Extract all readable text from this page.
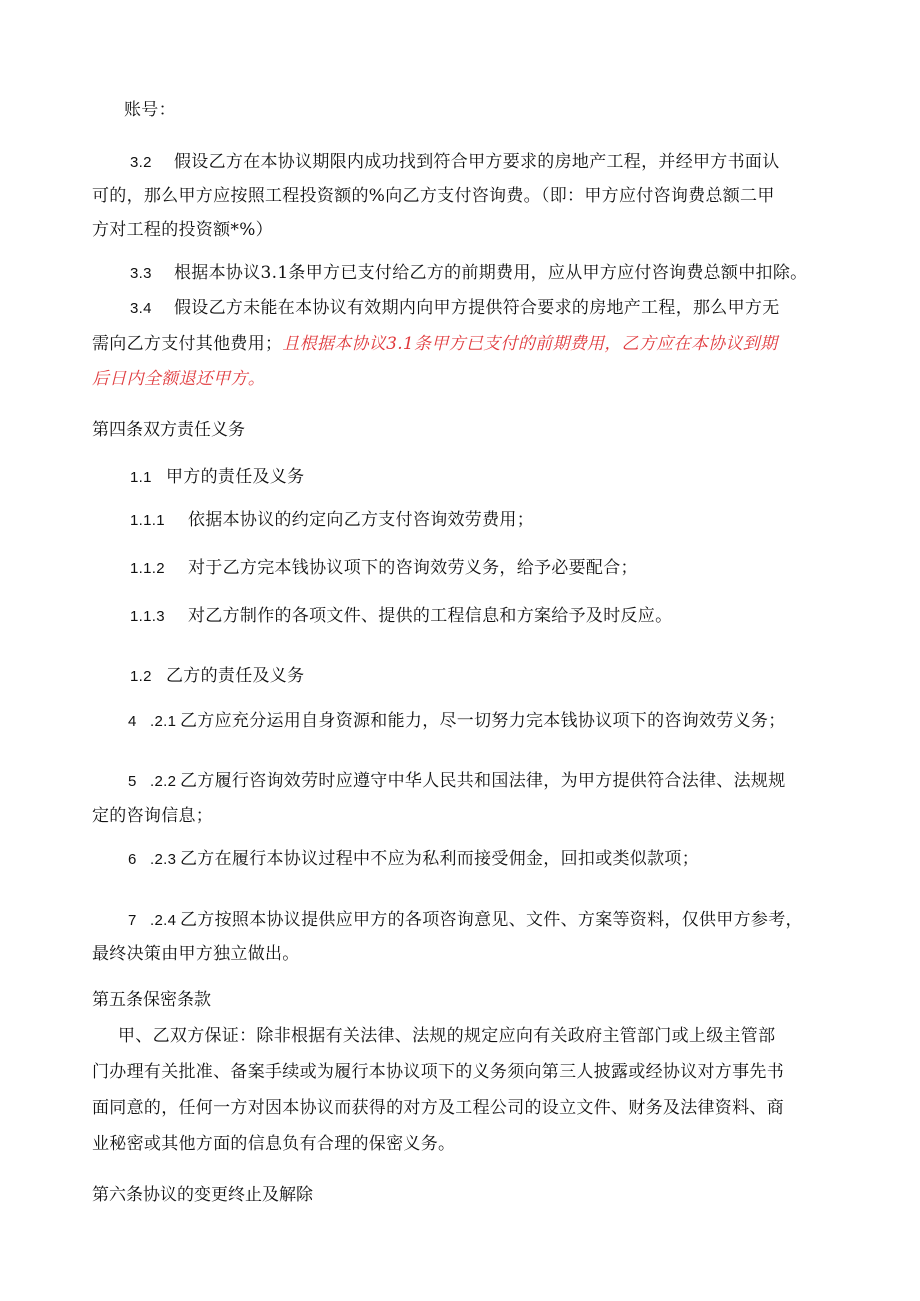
账号：
3.2 假设乙方在本协议期限内成功找到符合甲方要求的房地产工程，并经甲方书面认
可的，那么甲方应按照工程投资额的%向乙方支付咨询费。（即：甲方应付咨询费总额二甲
方对工程的投资额*%）
3.3 根据本协议3.1条甲方已支付给乙方的前期费用，应从甲方应付咨询费总额中扣除。
3.4 假设乙方未能在本协议有效期内向甲方提供符合要求的房地产工程，那么甲方无
需向乙方支付其他费用；且根据本协议3.1条甲方已支付的前期费用，乙方应在本协议到期
后日内全额退还甲方。
第四条双方责任义务
1.1 甲方的责任及义务
1.1.1 依据本协议的约定向乙方支付咨询效劳费用；
1.1.2 对于乙方完本钱协议项下的咨询效劳义务，给予必要配合；
1.1.3 对乙方制作的各项文件、提供的工程信息和方案给予及时反应。
1.2 乙方的责任及义务
4 .2.1 乙方应充分运用自身资源和能力，尽一切努力完本钱协议项下的咨询效劳义务；
5 .2.2 乙方履行咨询效劳时应遵守中华人民共和国法律，为甲方提供符合法律、法规规
定的咨询信息；
6 .2.3 乙方在履行本协议过程中不应为私利而接受佣金，回扣或类似款项；
7 .2.4 乙方按照本协议提供应甲方的各项咨询意见、文件、方案等资料，仅供甲方参考，
最终决策由甲方独立做出。
第五条保密条款
甲、乙双方保证：除非根据有关法律、法规的规定应向有关政府主管部门或上级主管部
门办理有关批准、备案手续或为履行本协议项下的义务须向第三人披露或经协议对方事先书
面同意的，任何一方对因本协议而获得的对方及工程公司的设立文件、财务及法律资料、商
业秘密或其他方面的信息负有合理的保密义务。
第六条协议的变更终止及解除
